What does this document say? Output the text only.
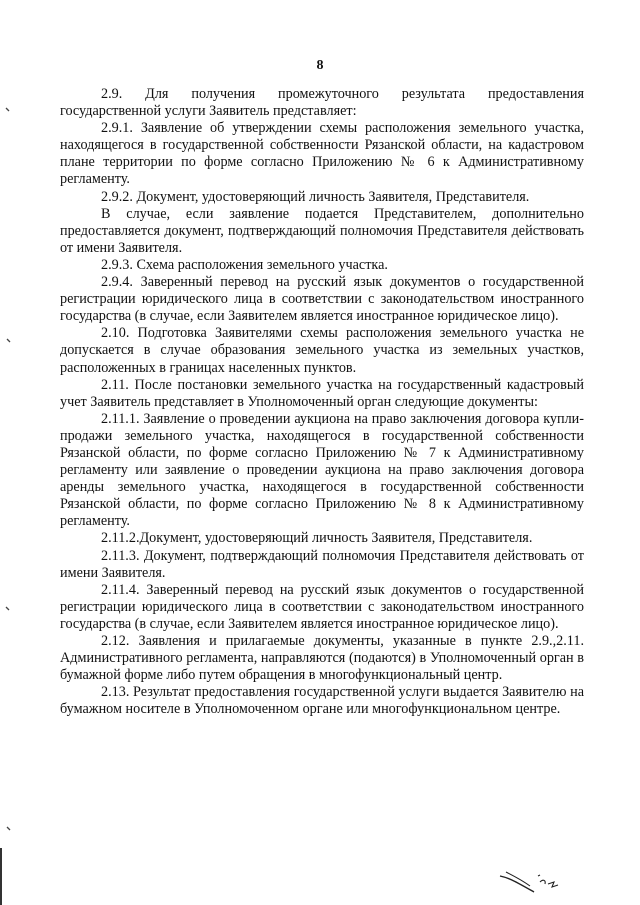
8

2.9. Для получения промежуточного результата предоставления государственной услуги Заявитель представляет:

2.9.1. Заявление об утверждении схемы расположения земельного участка, находящегося в государственной собственности Рязанской области, на кадастровом плане территории по форме согласно Приложению № 6 к Административному регламенту.

2.9.2. Документ, удостоверяющий личность Заявителя, Представителя.

В случае, если заявление подается Представителем, дополнительно предоставляется документ, подтверждающий полномочия Представителя действовать от имени Заявителя.

2.9.3. Схема расположения земельного участка.

2.9.4. Заверенный перевод на русский язык документов о государственной регистрации юридического лица в соответствии с законодательством иностранного государства (в случае, если Заявителем является иностранное юридическое лицо).

2.10. Подготовка Заявителями схемы расположения земельного участка не допускается в случае образования земельного участка из земельных участков, расположенных в границах населенных пунктов.

2.11. После постановки земельного участка на государственный кадастровый учет Заявитель представляет в Уполномоченный орган следующие документы:

2.11.1. Заявление о проведении аукциона на право заключения договора купли-продажи земельного участка, находящегося в государственной собственности Рязанской области, по форме согласно Приложению № 7 к Административному регламенту или заявление о проведении аукциона на право заключения договора аренды земельного участка, находящегося в государственной собственности Рязанской области, по форме согласно Приложению № 8 к Административному регламенту.

2.11.2.Документ, удостоверяющий личность Заявителя, Представителя.

2.11.3. Документ, подтверждающий полномочия Представителя действовать от имени Заявителя.

2.11.4. Заверенный перевод на русский язык документов о государственной регистрации юридического лица в соответствии с законодательством иностранного государства (в случае, если Заявителем является иностранное юридическое лицо).

2.12. Заявления и прилагаемые документы, указанные в пункте 2.9.,2.11. Административного регламента, направляются (подаются) в Уполномоченный орган в бумажной форме либо путем обращения в многофункциональный центр.

2.13. Результат предоставления государственной услуги выдается Заявителю на бумажном носителе в Уполномоченном органе или многофункциональном центре.
